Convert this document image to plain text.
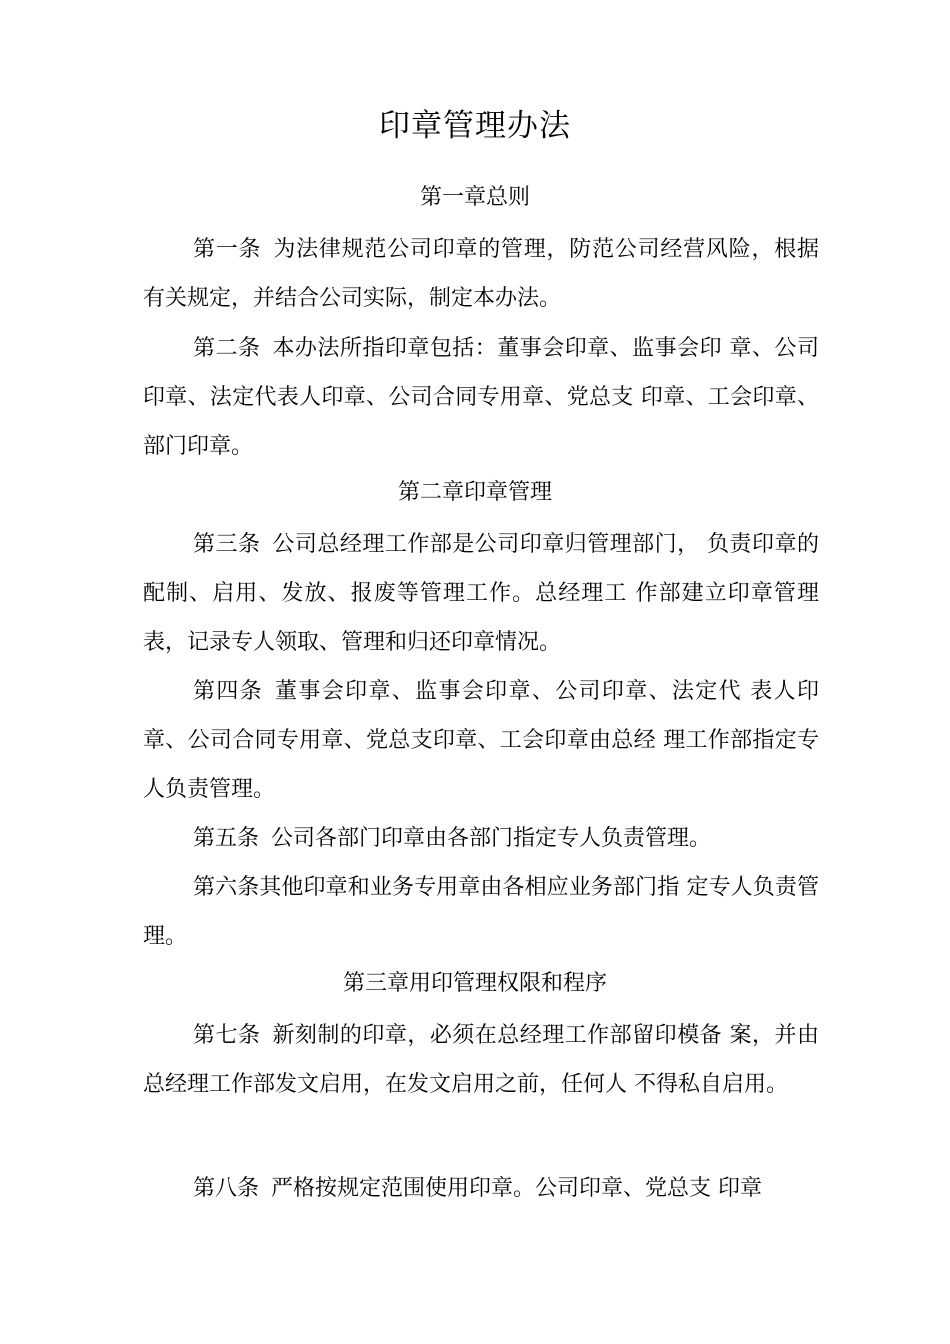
印章管理办法
第一章总则

第一条 为法律规范公司印章的管理，防范公司经营风险，根据有关规定，并结合公司实际，制定本办法。

第二条 本办法所指印章包括：董事会印章、监事会印 章、公司印章、法定代表人印章、公司合同专用章、党总支 印章、工会印章、部门印章。

第二章印章管理

第三条 公司总经理工作部是公司印章归管理部门， 负责印章的配制、启用、发放、报废等管理工作。总经理工 作部建立印章管理表，记录专人领取、管理和归还印章情况。

第四条 董事会印章、监事会印章、公司印章、法定代 表人印章、公司合同专用章、党总支印章、工会印章由总经 理工作部指定专人负责管理。

第五条 公司各部门印章由各部门指定专人负责管理。

第六条其他印章和业务专用章由各相应业务部门指 定专人负责管理。

第三章用印管理权限和程序

第七条 新刻制的印章，必须在总经理工作部留印模备 案，并由总经理工作部发文启用，在发文启用之前，任何人 不得私自启用。

第八条 严格按规定范围使用印章。公司印章、党总支 印章
